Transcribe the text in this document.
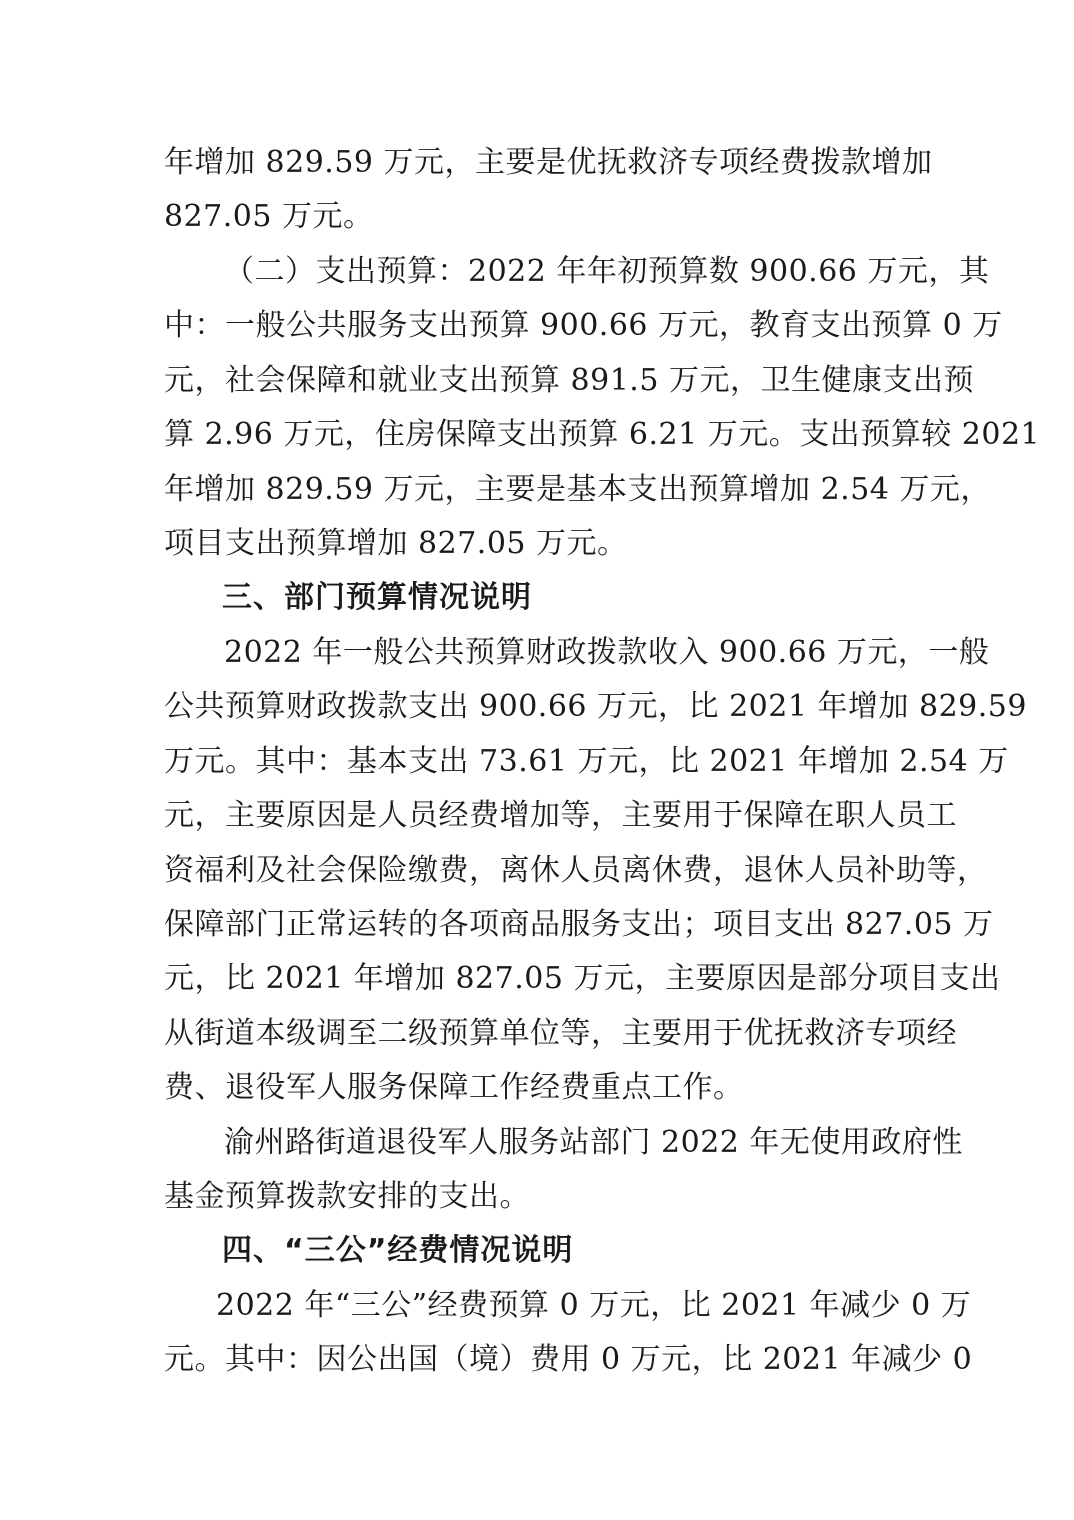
年增加 829.59 万元，主要是优抚救济专项经费拨款增加
827.05 万元。
（二）支出预算：2022 年年初预算数 900.66 万元，其
中：一般公共服务支出预算 900.66 万元，教育支出预算 0 万
元，社会保障和就业支出预算 891.5 万元，卫生健康支出预
算 2.96 万元，住房保障支出预算 6.21 万元。支出预算较 2021
年增加 829.59 万元，主要是基本支出预算增加 2.54 万元，
项目支出预算增加 827.05 万元。
三、部门预算情况说明
2022 年一般公共预算财政拨款收入 900.66 万元，一般
公共预算财政拨款支出 900.66 万元，比 2021 年增加 829.59
万元。其中：基本支出 73.61 万元，比 2021 年增加 2.54 万
元，主要原因是人员经费增加等，主要用于保障在职人员工
资福利及社会保险缴费，离休人员离休费，退休人员补助等，
保障部门正常运转的各项商品服务支出；项目支出 827.05 万
元，比 2021 年增加 827.05 万元，主要原因是部分项目支出
从街道本级调至二级预算单位等，主要用于优抚救济专项经
费、退役军人服务保障工作经费重点工作。
渝州路街道退役军人服务站部门 2022 年无使用政府性
基金预算拨款安排的支出。
四、“三公”经费情况说明
2022 年“三公”经费预算 0 万元，比 2021 年减少 0 万
元。其中：因公出国（境）费用 0 万元，比 2021 年减少 0
